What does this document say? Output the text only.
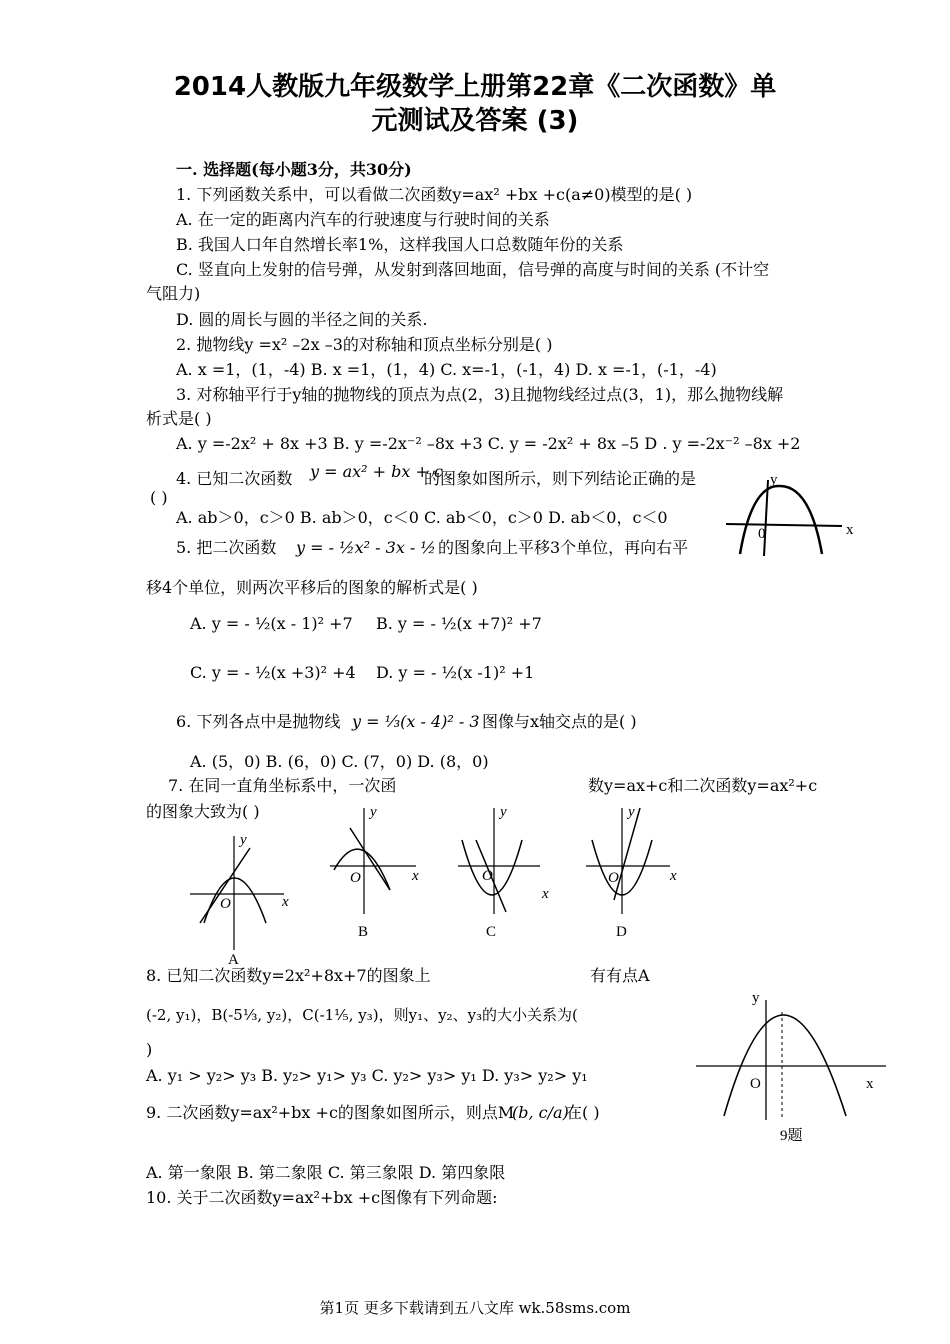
2014人教版九年级数学上册第22章《二次函数》单
元测试及答案 (3)
一. 选择题(每小题3分，共30分)
1. 下列函数关系中，可以看做二次函数y=ax² +bx +c(a≠0)模型的是( )
A. 在一定的距离内汽车的行驶速度与行驶时间的关系
B. 我国人口年自然增长率1%，这样我国人口总数随年份的关系
C. 竖直向上发射的信号弹，从发射到落回地面，信号弹的高度与时间的关系 (不计空
气阻力)
D. 圆的周长与圆的半径之间的关系.
2. 抛物线y =x² –2x –3的对称轴和顶点坐标分别是( )
A. x =1，(1，-4) B. x =1，(1，4) C. x=-1，(-1，4) D. x =-1，(-1，-4)
3. 对称轴平行于y轴的抛物线的顶点为点(2，3)且抛物线经过点(3，1)，那么抛物线解
析式是( )
A. y =-2x² + 8x +3 B. y =-2x⁻² –8x +3 C. y = -2x² + 8x –5 D . y =-2x⁻² –8x +2
4. 已知二次函数 y = ax² + bx + c
的图象如图所示，则下列结论正确的是
( )
A. ab＞0，c＞0 B. ab＞0，c＜0 C. ab＜0，c＞0 D. ab＜0，c＜0
0
y
x
5. 把二次函数 y = - ½x² - 3x - ½ 的图象向上平移3个单位，再向右平
移4个单位，则两次平移后的图象的解析式是( )
A. y = - ½(x - 1)² +7 B. y = - ½(x +7)² +7
C. y = - ½(x +3)² +4 D. y = - ½(x -1)² +1
6. 下列各点中是抛物线 y = ⅓(x - 4)² - 3 图像与x轴交点的是( )
A. (5，0) B. (6，0) C. (7，0) D. (8，0)
7. 在同一直角坐标系中，一次函	数y=ax+c和二次函数y=ax²+c
的图象大致为( )
y
x
O
A
y
x
O
B
y
x
O
C
y
x
O
D
8. 已知二次函数y=2x²+8x+7的图象上	有有点A
(-2, y₁)，B(-5⅓, y₂)，C(-1⅕, y₃)，则y₁、y₂、y₃的大小关系为(
)
A. y₁ > y₂> y₃ B. y₂> y₁> y₃ C. y₂> y₃> y₁ D. y₃> y₂> y₁
y
x
O
9题
9. 二次函数y=ax²+bx +c的图象如图所示，则点M
(b, c/a)
在( )
A. 第一象限 B. 第二象限 C. 第三象限 D. 第四象限
10. 关于二次函数y=ax²+bx +c图像有下列命题:
第1页 更多下载请到五八文库 wk.58sms.com
